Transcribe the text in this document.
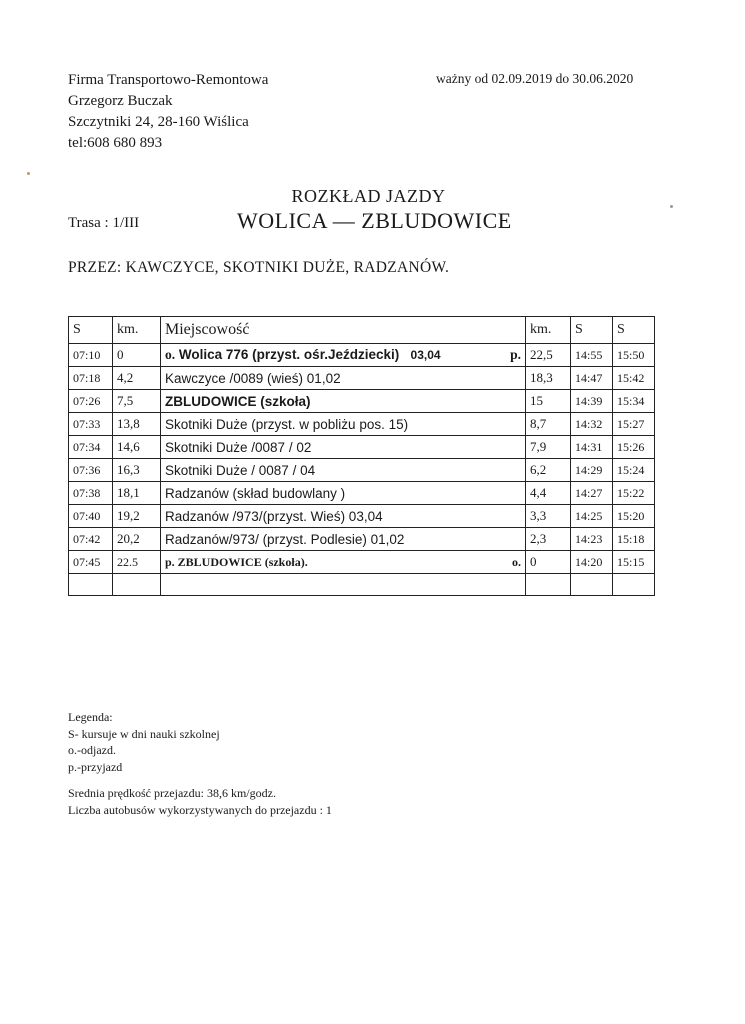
Firma Transportowo-Remontowa
Grzegorz Buczak
Szczytniki 24, 28-160 Wiślica
tel:608 680 893
ważny od 02.09.2019 do 30.06.2020
ROZKŁAD JAZDY
Trasa : 1/III	WOLICA — ZBLUDOWICE
PRZEZ: KAWCZYCE, SKOTNIKI DUŻE, RADZANÓW.
S	km.	Miejscowość	km.	S	S
07:10	0	o. Wolica 776 (przyst. ośr.Jeździecki) 03,04 p.	22,5	14:55	15:50
07:18	4,2	Kawczyce /0089 (wieś) 01,02	18,3	14:47	15:42
07:26	7,5	ZBLUDOWICE (szkoła)	15	14:39	15:34
07:33	13,8	Skotniki Duże (przyst. w pobliżu pos. 15)	8,7	14:32	15:27
07:34	14,6	Skotniki Duże /0087 / 02	7,9	14:31	15:26
07:36	16,3	Skotniki Duże / 0087 / 04	6,2	14:29	15:24
07:38	18,1	Radzanów (skład budowlany )	4,4	14:27	15:22
07:40	19,2	Radzanów /973/(przyst. Wieś) 03,04	3,3	14:25	15:20
07:42	20,2	Radzanów/973/ (przyst. Podlesie) 01,02	2,3	14:23	15:18
07:45	22.5	p. ZBLUDOWICE (szkoła). o.	0	14:20	15:15

Legenda:
S- kursuje w dni nauki szkolnej
o.-odjazd.
p.-przyjazd
Srednia prędkość przejazdu: 38,6 km/godz.
Liczba autobusów wykorzystywanych do przejazdu : 1
